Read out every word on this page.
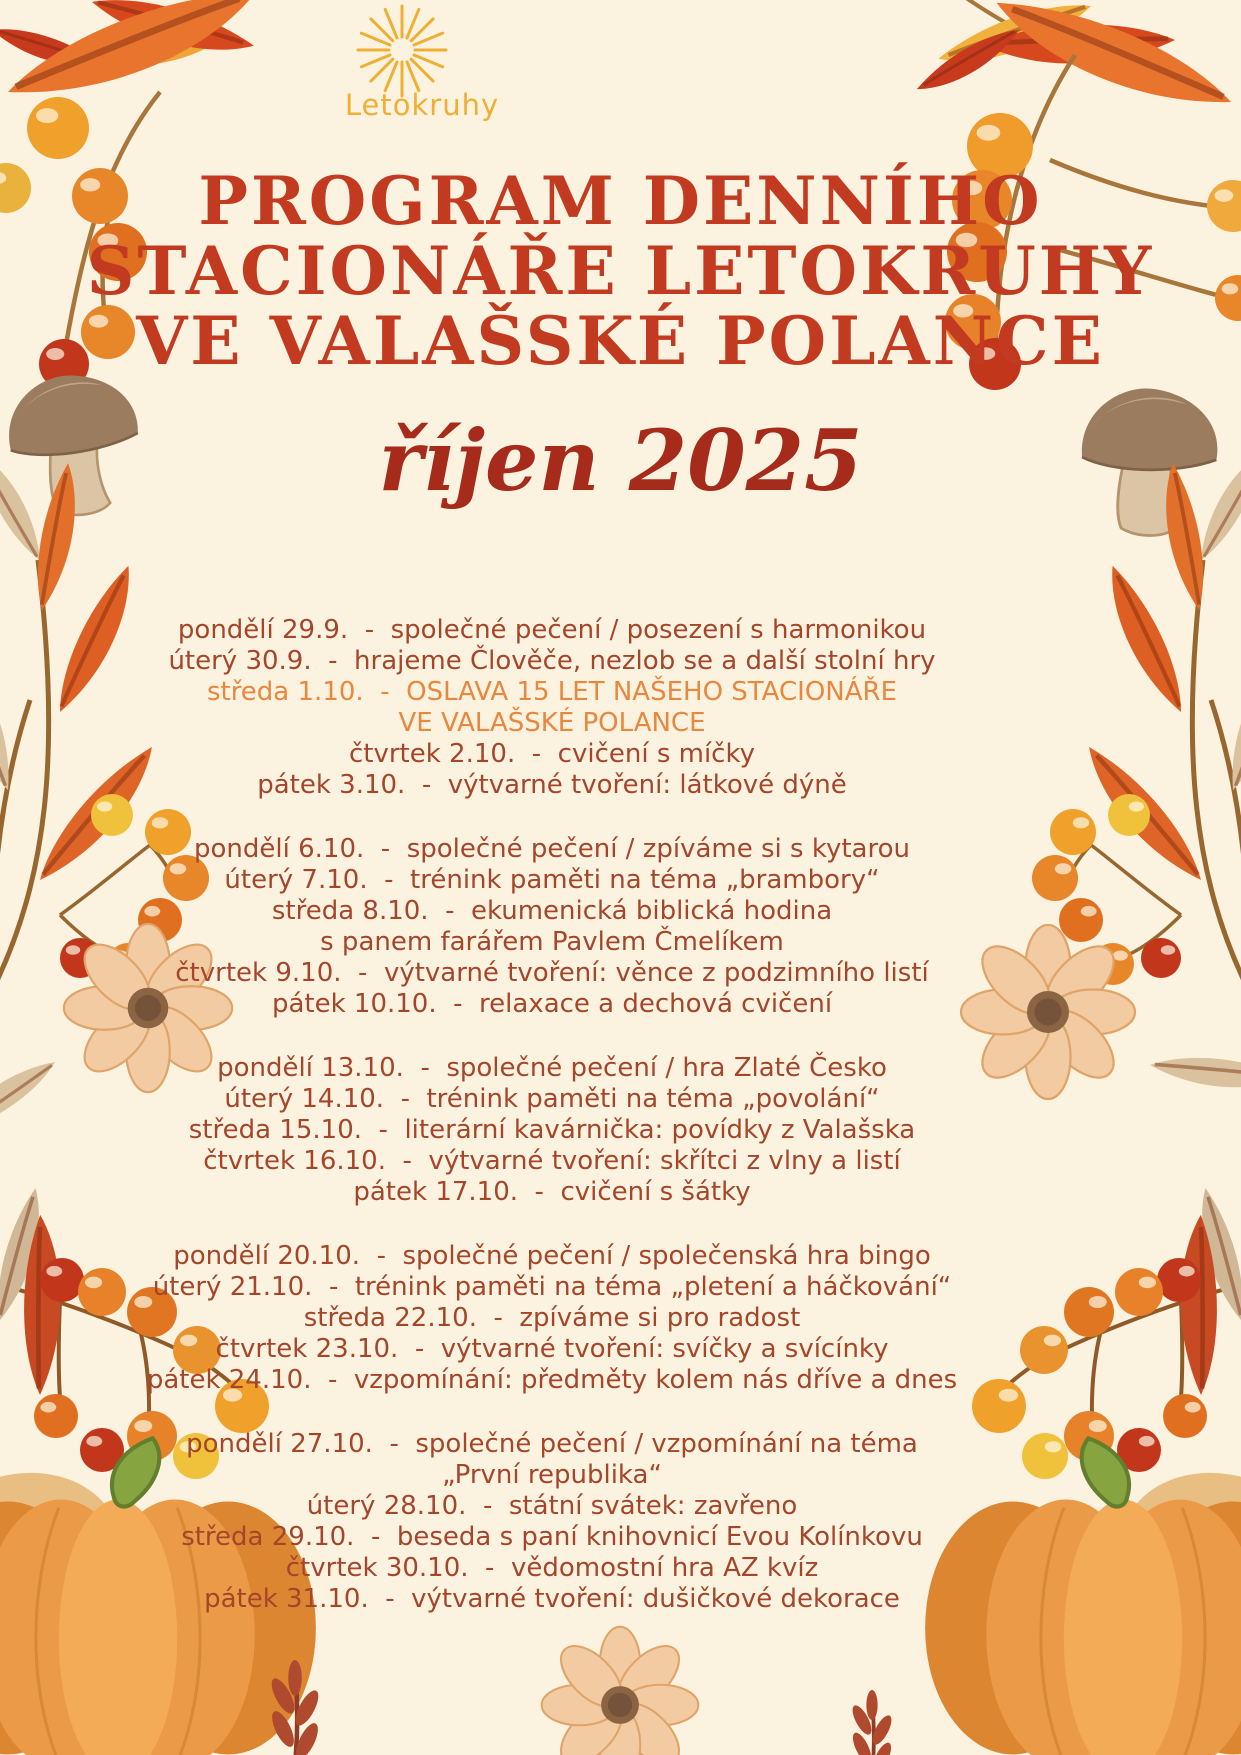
Letokruhy
PROGRAM DENNÍHO
STACIONÁŘE LETOKRUHY
VE VALAŠSKÉ POLANCE
říjen 2025
pondělí 29.9.  -  společné pečení / posezení s harmonikou
úterý 30.9.  -  hrajeme Člověče, nezlob se a další stolní hry
středa 1.10.  -  OSLAVA 15 LET NAŠEHO STACIONÁŘE
VE VALAŠSKÉ POLANCE
čtvrtek 2.10.  -  cvičení s míčky
pátek 3.10.  -  výtvarné tvoření: látkové dýně
pondělí 6.10.  -  společné pečení / zpíváme si s kytarou
úterý 7.10.  -  trénink paměti na téma „brambory“
středa 8.10.  -  ekumenická biblická hodina
s panem farářem Pavlem Čmelíkem
čtvrtek 9.10.  -  výtvarné tvoření: věnce z podzimního listí
pátek 10.10.  -  relaxace a dechová cvičení
pondělí 13.10.  -  společné pečení / hra Zlaté Česko
úterý 14.10.  -  trénink paměti na téma „povolání“
středa 15.10.  -  literární kavárnička: povídky z Valašska
čtvrtek 16.10.  -  výtvarné tvoření: skřítci z vlny a listí
pátek 17.10.  -  cvičení s šátky
pondělí 20.10.  -  společné pečení / společenská hra bingo
úterý 21.10.  -  trénink paměti na téma „pletení a háčkování“
středa 22.10.  -  zpíváme si pro radost
čtvrtek 23.10.  -  výtvarné tvoření: svíčky a svícínky
pátek 24.10.  -  vzpomínání: předměty kolem nás dříve a dnes
pondělí 27.10.  -  společné pečení / vzpomínání na téma
„První republika“
úterý 28.10.  -  státní svátek: zavřeno
středa 29.10.  -  beseda s paní knihovnicí Evou Kolínkovu
čtvrtek 30.10.  -  vědomostní hra AZ kvíz
pátek 31.10.  -  výtvarné tvoření: dušičkové dekorace
